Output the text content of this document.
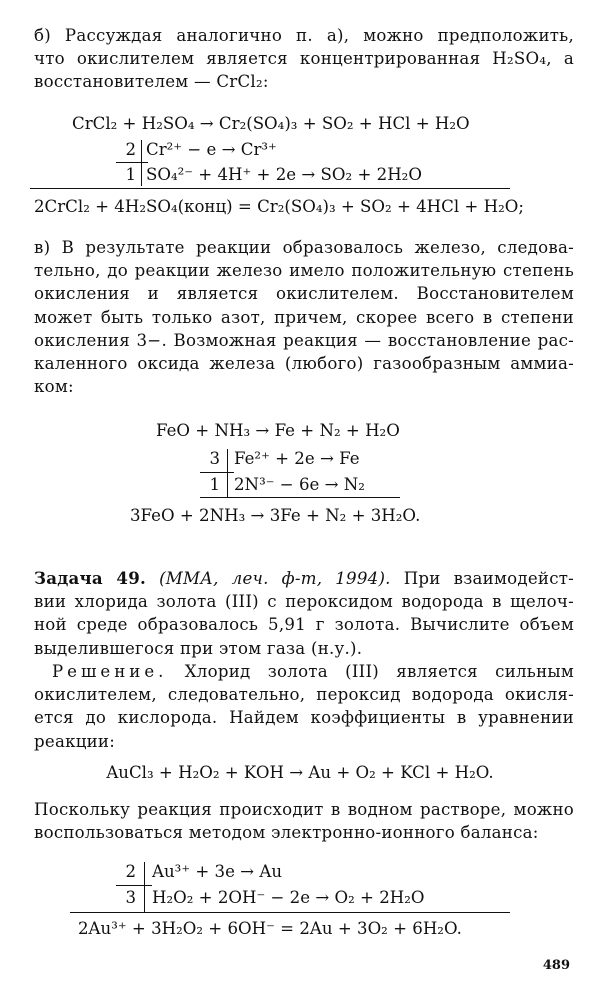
б) Рассуждая аналогично п. а), можно предположить,
что окислителем является концентрированная H₂SO₄, а
восстановителем — CrCl₂:

CrCl₂ + H₂SO₄ → Cr₂(SO₄)₃ + SO₂ + HCl + H₂O
2 Cr²⁺ − e → Cr³⁺
1 SO₄²⁻ + 4H⁺ + 2e → SO₂ + 2H₂O
2CrCl₂ + 4H₂SO₄(конц) = Cr₂(SO₄)₃ + SO₂ + 4HCl + H₂O;

в) В результате реакции образовалось железо, следова-
тельно, до реакции железо имело положительную степень
окисления и является окислителем. Восстановителем
может быть только азот, причем, скорее всего в степени
окисления 3−. Возможная реакция — восстановление рас-
каленного оксида железа (любого) газообразным аммиа-
ком:

FeO + NH₃ → Fe + N₂ + H₂O
3 Fe²⁺ + 2e → Fe
1 2N³⁻ − 6e → N₂
3FeO + 2NH₃ → 3Fe + N₂ + 3H₂O.

Задача 49. (ММА, леч. ф-т, 1994). При взаимодейст-
вии хлорида золота (III) с пероксидом водорода в щелоч-
ной среде образовалось 5,91 г золота. Вычислите объем
выделившегося при этом газа (н.у.).

Решение. Хлорид золота (III) является сильным
окислителем, следовательно, пероксид водорода окисля-
ется до кислорода. Найдем коэффициенты в уравнении
реакции:

AuCl₃ + H₂O₂ + KOH → Au + O₂ + KCl + H₂O.

Поскольку реакция происходит в водном растворе, можно
воспользоваться методом электронно-ионного баланса:

2 Au³⁺ + 3e → Au
3 H₂O₂ + 2OH⁻ − 2e → O₂ + 2H₂O
2Au³⁺ + 3H₂O₂ + 6OH⁻ = 2Au + 3O₂ + 6H₂O.
489
